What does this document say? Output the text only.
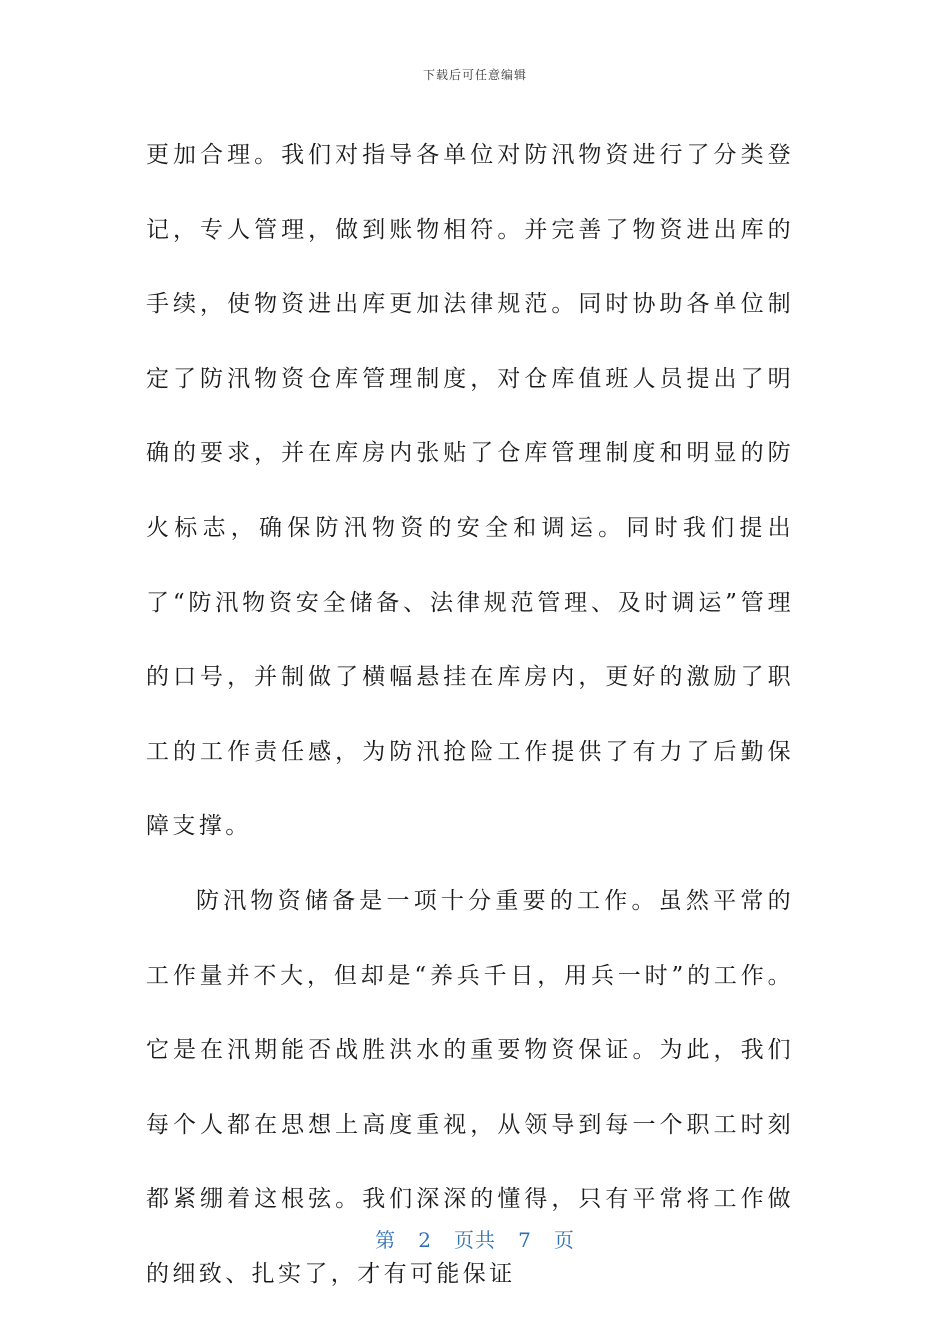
下载后可任意编辑

更加合理。我们对指导各单位对防汛物资进行了分类登记，专人管理，做到账物相符。并完善了物资进出库的手续，使物资进出库更加法律规范。同时协助各单位制定了防汛物资仓库管理制度，对仓库值班人员提出了明确的要求，并在库房内张贴了仓库管理制度和明显的防火标志，确保防汛物资的安全和调运。同时我们提出了“防汛物资安全储备、法律规范管理、及时调运”管理的口号，并制做了横幅悬挂在库房内，更好的激励了职工的工作责任感，为防汛抢险工作提供了有力了后勤保障支撑。

防汛物资储备是一项十分重要的工作。虽然平常的工作量并不大，但却是“养兵千日，用兵一时”的工作。它是在汛期能否战胜洪水的重要物资保证。为此，我们每个人都在思想上高度重视，从领导到每一个职工时刻都紧绷着这根弦。我们深深的懂得，只有平常将工作做的细致、扎实了，才有可能保证

第 2 页共 7 页
